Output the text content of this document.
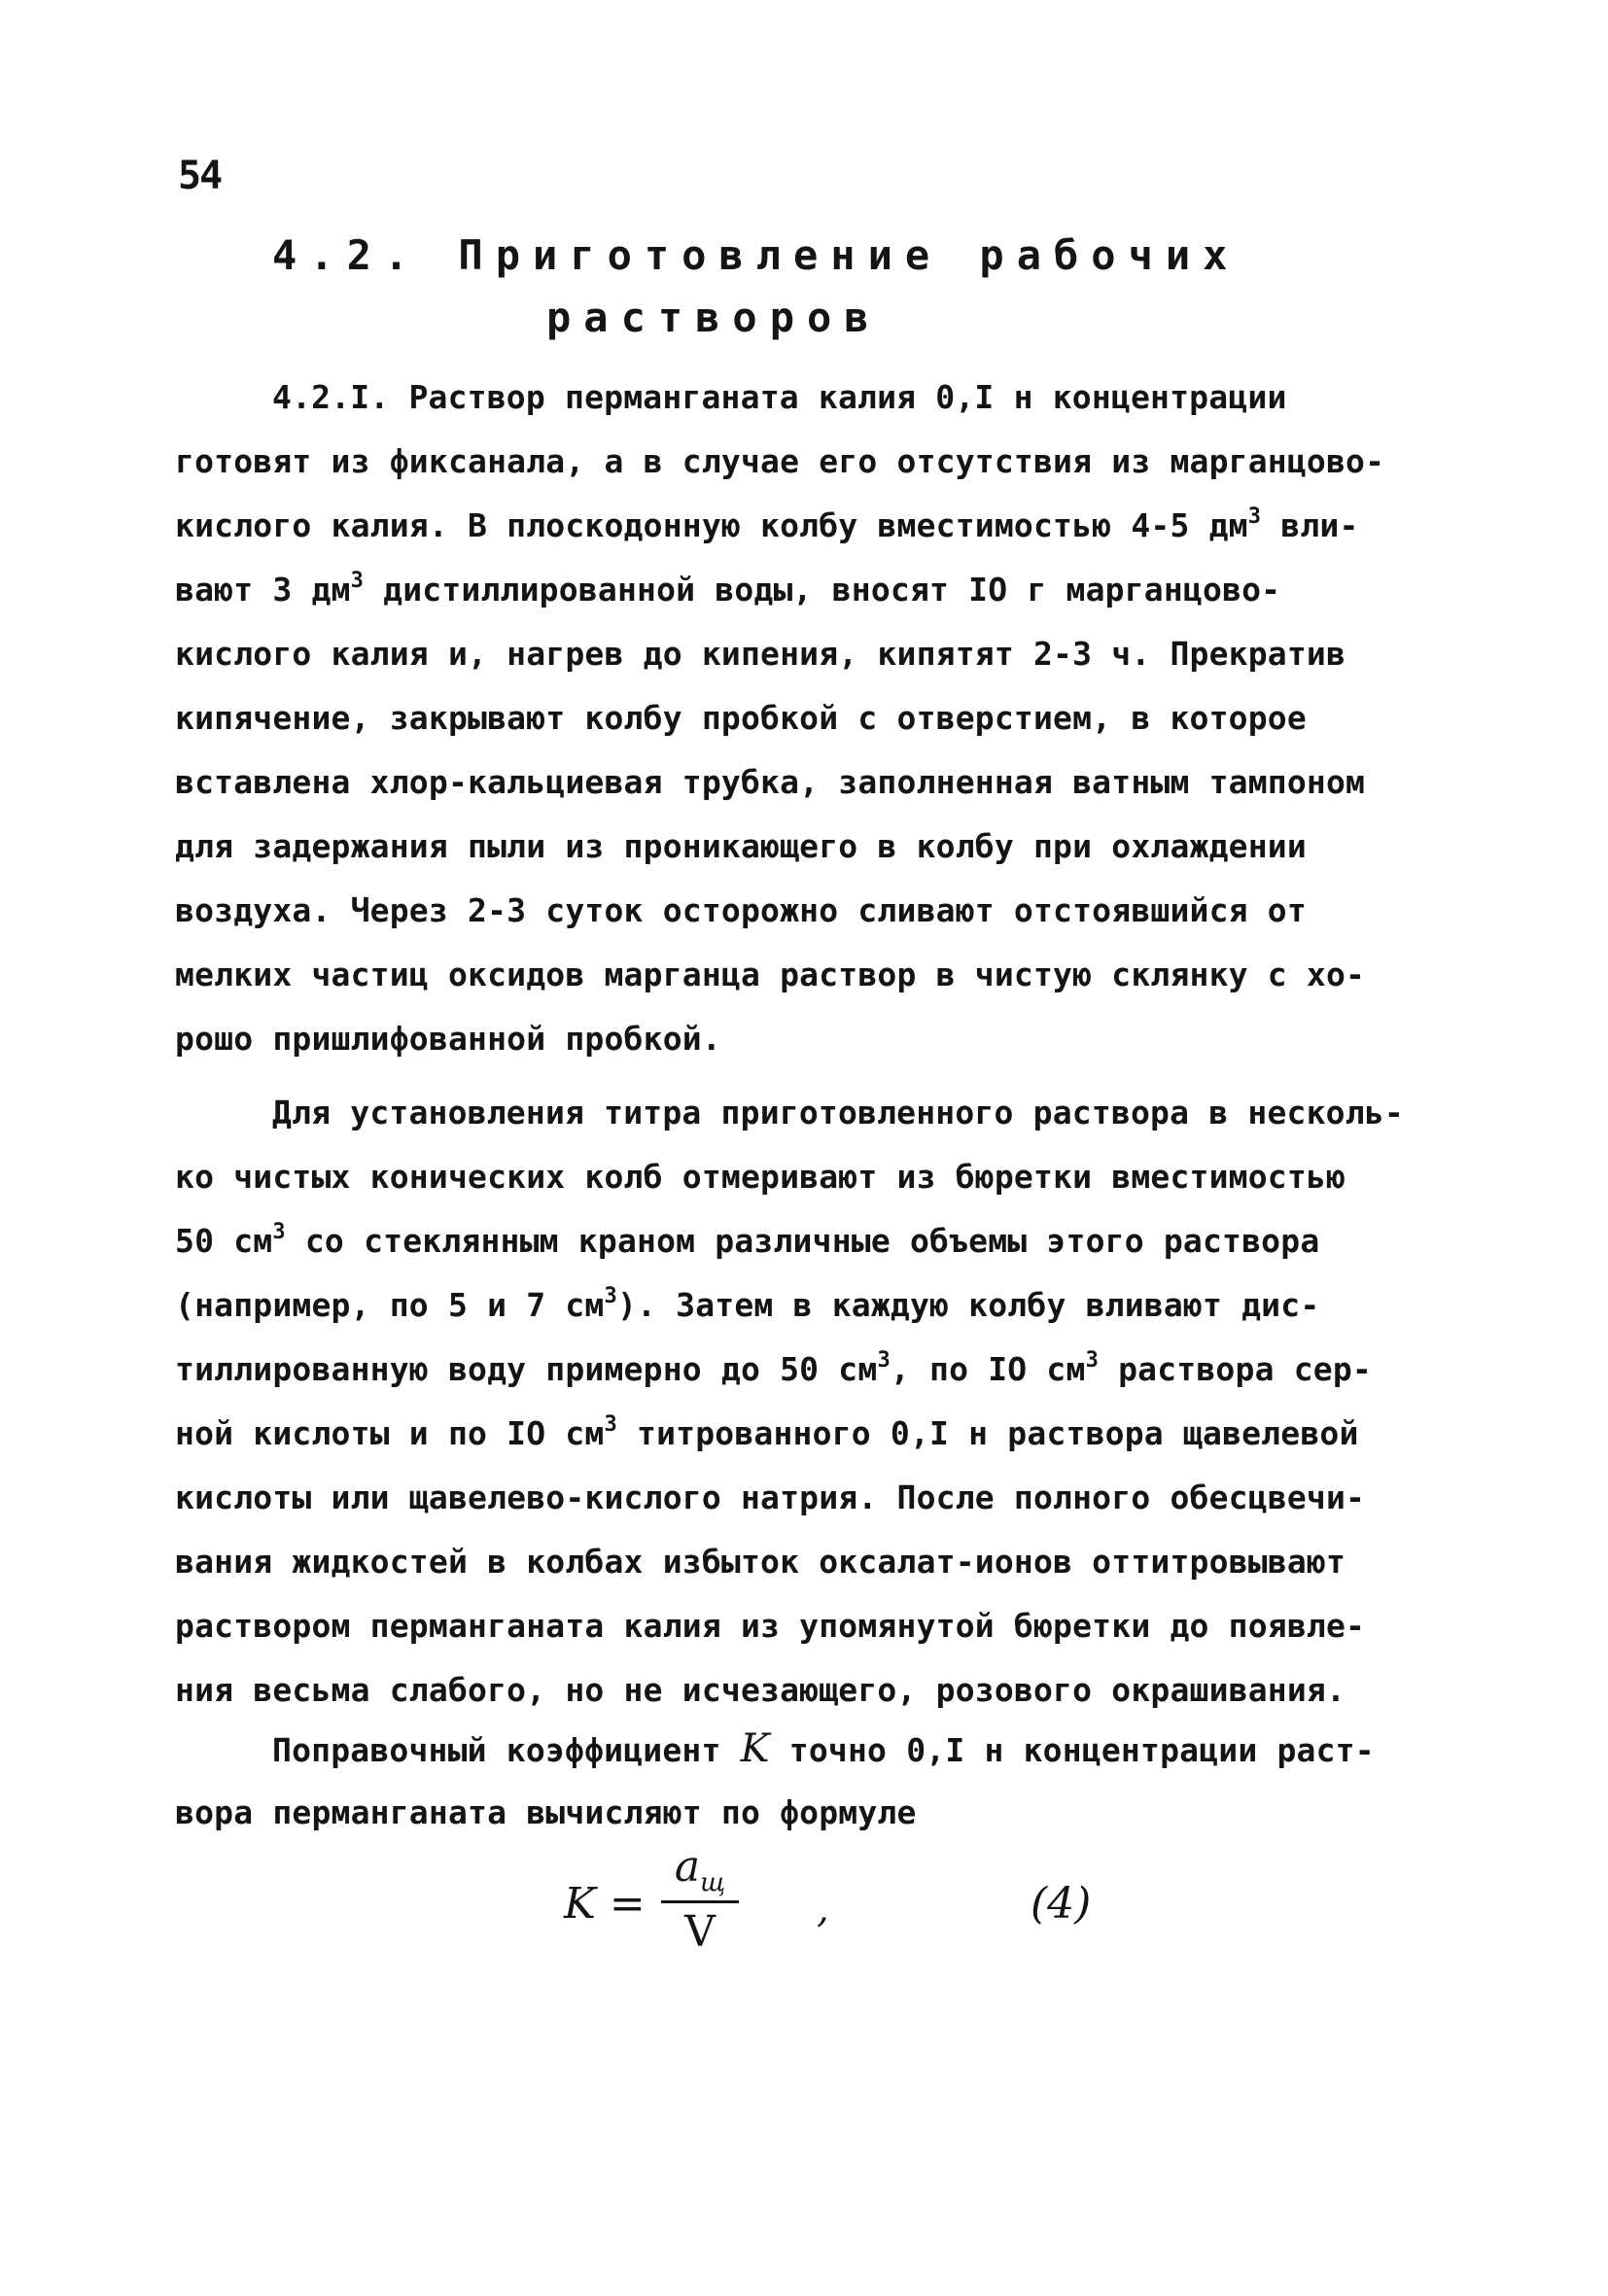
54
4.2. Приготовление рабочих
растворов
4.2.I. Раствор перманганата калия 0,I н концентрации
готовят из фиксанала, а в случае его отсутствия из марганцово-
кислого калия. В плоскодонную колбу вместимостью 4-5 $дм^3$ вли-
вают 3 $дм^3$ дистиллированной воды, вносят IO г марганцово-
кислого калия и, нагрев до кипения, кипятят 2-3 ч. Прекратив
кипячение, закрывают колбу пробкой с отверстием, в которое
вставлена хлор-кальциевая трубка, заполненная ватным тампоном
для задержания пыли из проникающего в колбу при охлаждении
воздуха. Через 2-3 суток осторожно сливают отстоявшийся от
мелких частиц оксидов марганца раствор в чистую склянку с хо-
рошо пришлифованной пробкой.
Для установления титра приготовленного раствора в несколь-
ко чистых конических колб отмеривают из бюретки вместимостью
50 $см^3$ со стеклянным краном различные объемы этого раствора
(например, по 5 и 7 $см^3$). Затем в каждую колбу вливают дис-
тиллированную воду примерно до 50 $см^3$, по IO $см^3$ раствора сер-
ной кислоты и по IO $см^3$ титрованного 0,I н раствора щавелевой
кислоты или щавелево-кислого натрия. После полного обесцвечи-
вания жидкостей в колбах избыток оксалат-ионов оттитровывают
раствором перманганата калия из упомянутой бюретки до появле-
ния весьма слабого, но не исчезающего, розового окрашивания.
Поправочный коэффициент K точно 0,I н концентрации раст-
вора перманганата вычисляют по формуле
K =
$a_щ$
V	,	(4)
